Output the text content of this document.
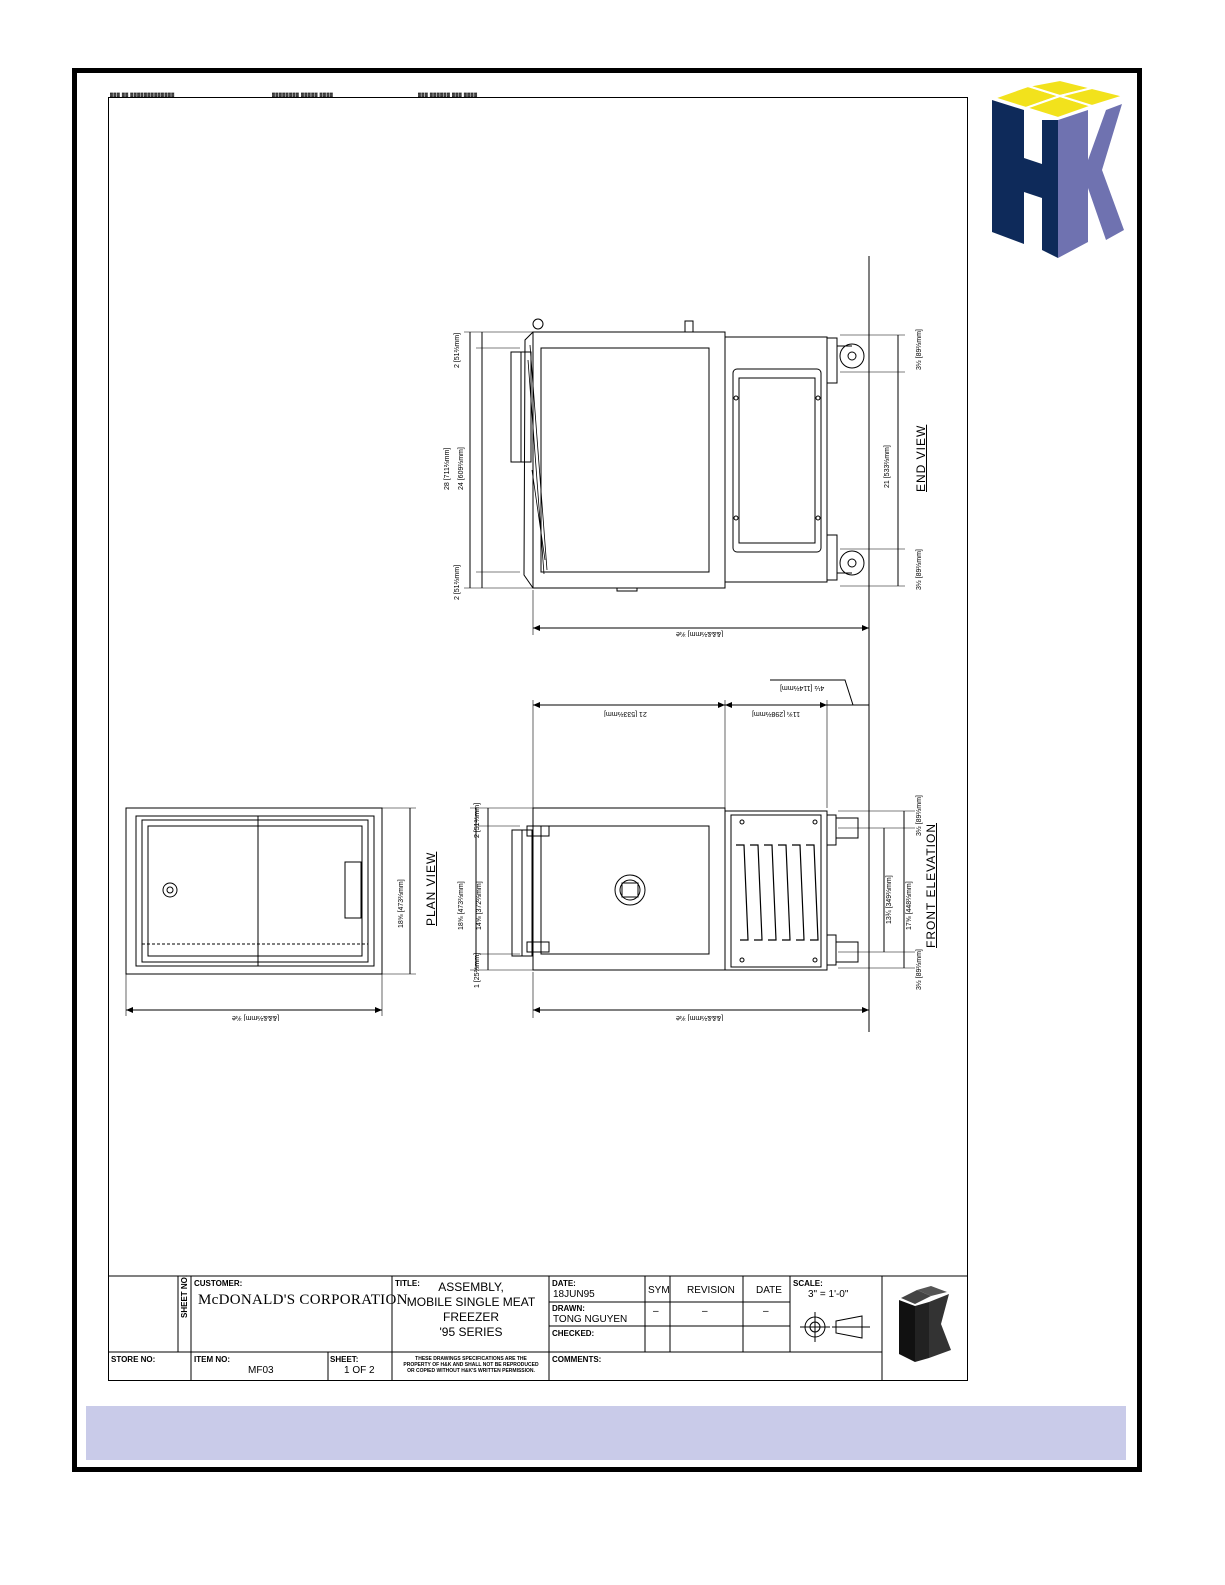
▓▓▓ ▓▓ ▓▓▓▓▓▓▓▓▓▓▓▓▓	▓▓▓▓▓▓▓▓ ▓▓▓▓▓ ▓▓▓▓	▓▓▓ ▓▓▓▓▓▓ ▓▓▓ ▓▓▓▓
END VIEW
FRONT ELEVATION
PLAN VIEW
2 [51⅔mm]
28 [711⅔mm] 24 [609⅔mm]
2 [51⅔mm]
3½ [89⅔mm]
21 [533⅔mm]
3½ [89⅔mm]
[&&&⅔mm] ¾é
21 [533⅔mm]	11¾ [298⅔mm]
4½ [114⅔mm]
2 [51⅔mm]
18⅝ [473⅔mm] 14⅝ [372⅔mm]
1 [25⅔mm]
3½ [89⅔mm]
17⅝ [448⅔mm]
13¾ [349⅔mm]
3½ [89⅔mm]
[&&&⅔mm] ¾é
18⅝ [473⅔mm]
[&&&⅔mm] ¾é
SHEET NO. CUSTOMER:
McDONALD'S CORPORATION
TITLE:	ASSEMBLY,
MOBILE SINGLE MEAT
FREEZER
'95 SERIES
DATE:
18JUN95
DRAWN:
TONG NGUYEN
CHECKED:
SYM REVISION DATE
–	–	–
SCALE:
3" = 1'-0"
STORE NO:	ITEM NO:
MF03
SHEET:
1 OF 2
THESE DRAWINGS SPECIFICATIONS ARE THE
PROPERTY OF H&K AND SHALL NOT BE REPRODUCED
OR COPIED WITHOUT H&K'S WRITTEN PERMISSION.
COMMENTS:
